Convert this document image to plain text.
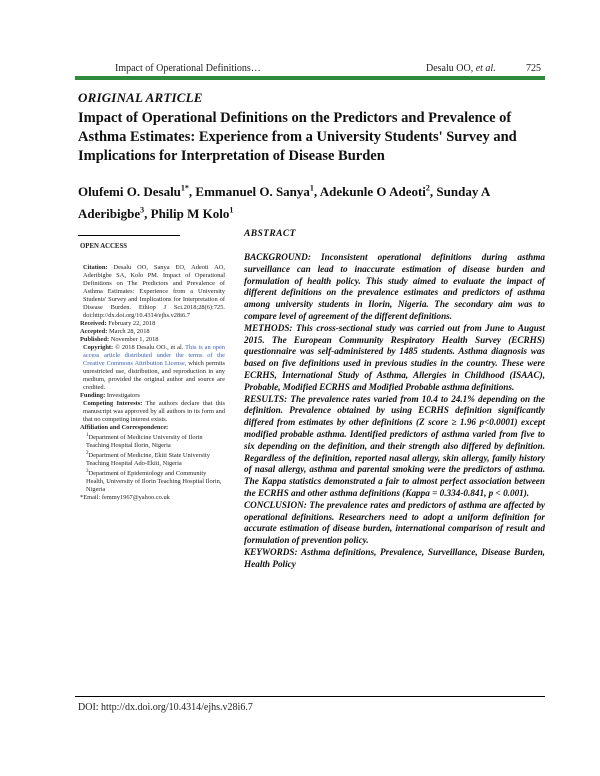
Impact of Operational Definitions…	Desalu OO, et al.	725
ORIGINAL ARTICLE
Impact of Operational Definitions on the Predictors and Prevalence of Asthma Estimates: Experience from a University Students' Survey and Implications for Interpretation of Disease Burden

Olufemi O. Desalu$^{1*}$, Emmanuel O. Sanya$^1$, Adekunle O Adeoti$^2$, Sunday A Aderibigbe$^3$, Philip M Kolo$^1$

OPEN ACCESS

Citation: Desalu OO, Sanya EO, Adeoti AO, Aderibigbe SA, Kolo PM. Impact of Operational Definitions on The Predictors and Prevalence of Asthma Estimates: Experience from a University Students' Survey and Implications for Interpretation of Disease Burden. Ethiop J Sci.2018;28(6):725. doi:http://dx.doi.org/10.4314/ejhs.v28i6.7

Received: February 22, 2018

Accepted: March 28, 2018

Published: November 1, 2018

Copyright: © 2018 Desalu OO., et al. This is an open access article distributed under the terms of the Creative Commons Attribution License, which permits unrestricted use, distribution, and reproduction in any medium, provided the original author and source are credited.

Funding: Investigators

Competing Interests: The authors declare that this manuscript was approved by all authors in its form and that no competing interest exists.

Affiliation and Correspondence:

$^1$Department of Medicine University of Ilorin Teaching Hospital Ilorin, Nigeria

$^2$Department of Medicine, Ekiti State University Teaching Hospital Ado-Ekiti, Nigeria

$^3$Department of Epidemiology and Community Health, University of Ilorin Teaching Hospital Ilorin, Nigeria

*Email: femmy1967@yahoo.co.uk

ABSTRACT

BACKGROUND: Inconsistent operational definitions during asthma surveillance can lead to inaccurate estimation of disease burden and formulation of health policy. This study aimed to evaluate the impact of different definitions on the prevalence estimates and predictors of asthma among university students in Ilorin, Nigeria. The secondary aim was to compare level of agreement of the different definitions.

METHODS: This cross-sectional study was carried out from June to August 2015. The European Community Respiratory Health Survey (ECRHS) questionnaire was self-administered by 1485 students. Asthma diagnosis was based on five definitions used in previous studies in the country. These were ECRHS, International Study of Asthma, Allergies in Childhood (ISAAC), Probable, Modified ECRHS and Modified Probable asthma definitions.

RESULTS: The prevalence rates varied from 10.4 to 24.1% depending on the definition. Prevalence obtained by using ECRHS definition significantly differed from estimates by other definitions (Z score ≥ 1.96 p<0.0001) except modified probable asthma. Identified predictors of asthma varied from five to six depending on the definition, and their strength also differed by definition. Regardless of the definition, reported nasal allergy, skin allergy, family history of nasal allergy, asthma and parental smoking were the predictors of asthma. The Kappa statistics demonstrated a fair to almost perfect association between the ECRHS and other asthma definitions (Kappa = 0.334-0.841, p < 0.001).

CONCLUSION: The prevalence rates and predictors of asthma are affected by operational definitions. Researchers need to adopt a uniform definition for accurate estimation of disease burden, international comparison of result and formulation of prevention policy.

KEYWORDS: Asthma definitions, Prevalence, Surveillance, Disease Burden, Health Policy

DOI: http://dx.doi.org/10.4314/ejhs.v28i6.7
